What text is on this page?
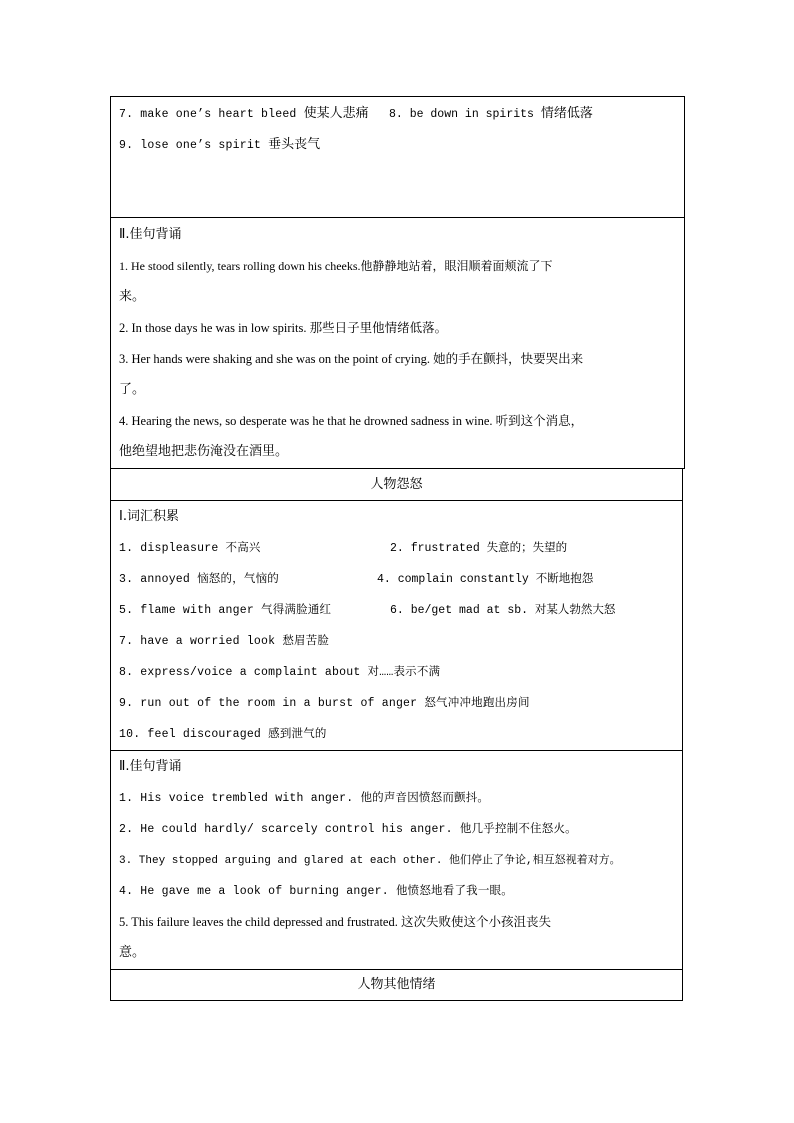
7. make one’s heart bleed 使某人悲痛 8. be down in spirits 情绪低落
9. lose one’s spirit 垂头丧气
Ⅱ.佳句背诵
1. He stood silently, tears rolling down his cheeks.他静静地站着，眼泪顺着面颊流了下
来。
2. In those days he was in low spirits. 那些日子里他情绪低落。
3. Her hands were shaking and she was on the point of crying. 她的手在颤抖，快要哭出来
了。
4. Hearing the news, so desperate was he that he drowned sadness in wine. 听到这个消息，
他绝望地把悲伤淹没在酒里。
人物怨怒
Ⅰ.词汇积累
1. displeasure 不高兴	2. frustrated 失意的；失望的
3. annoyed 恼怒的，气恼的	4. complain constantly 不断地抱怨
5. flame with anger 气得满脸通红	6. be/get mad at sb. 对某人勃然大怒
7. have a worried look 愁眉苦脸
8. express/voice a complaint about 对……表示不满
9. run out of the room in a burst of anger 怒气冲冲地跑出房间
10. feel discouraged 感到泄气的
Ⅱ.佳句背诵
1. His voice trembled with anger. 他的声音因愤怒而颤抖。
2. He could hardly/ scarcely control his anger. 他几乎控制不住怒火。
3. They stopped arguing and glared at each other. 他们停止了争论,相互怒视着对方。
4. He gave me a look of burning anger. 他愤怒地看了我一眼。
5. This failure leaves the child depressed and frustrated. 这次失败使这个小孩沮丧失
意。
人物其他情绪
